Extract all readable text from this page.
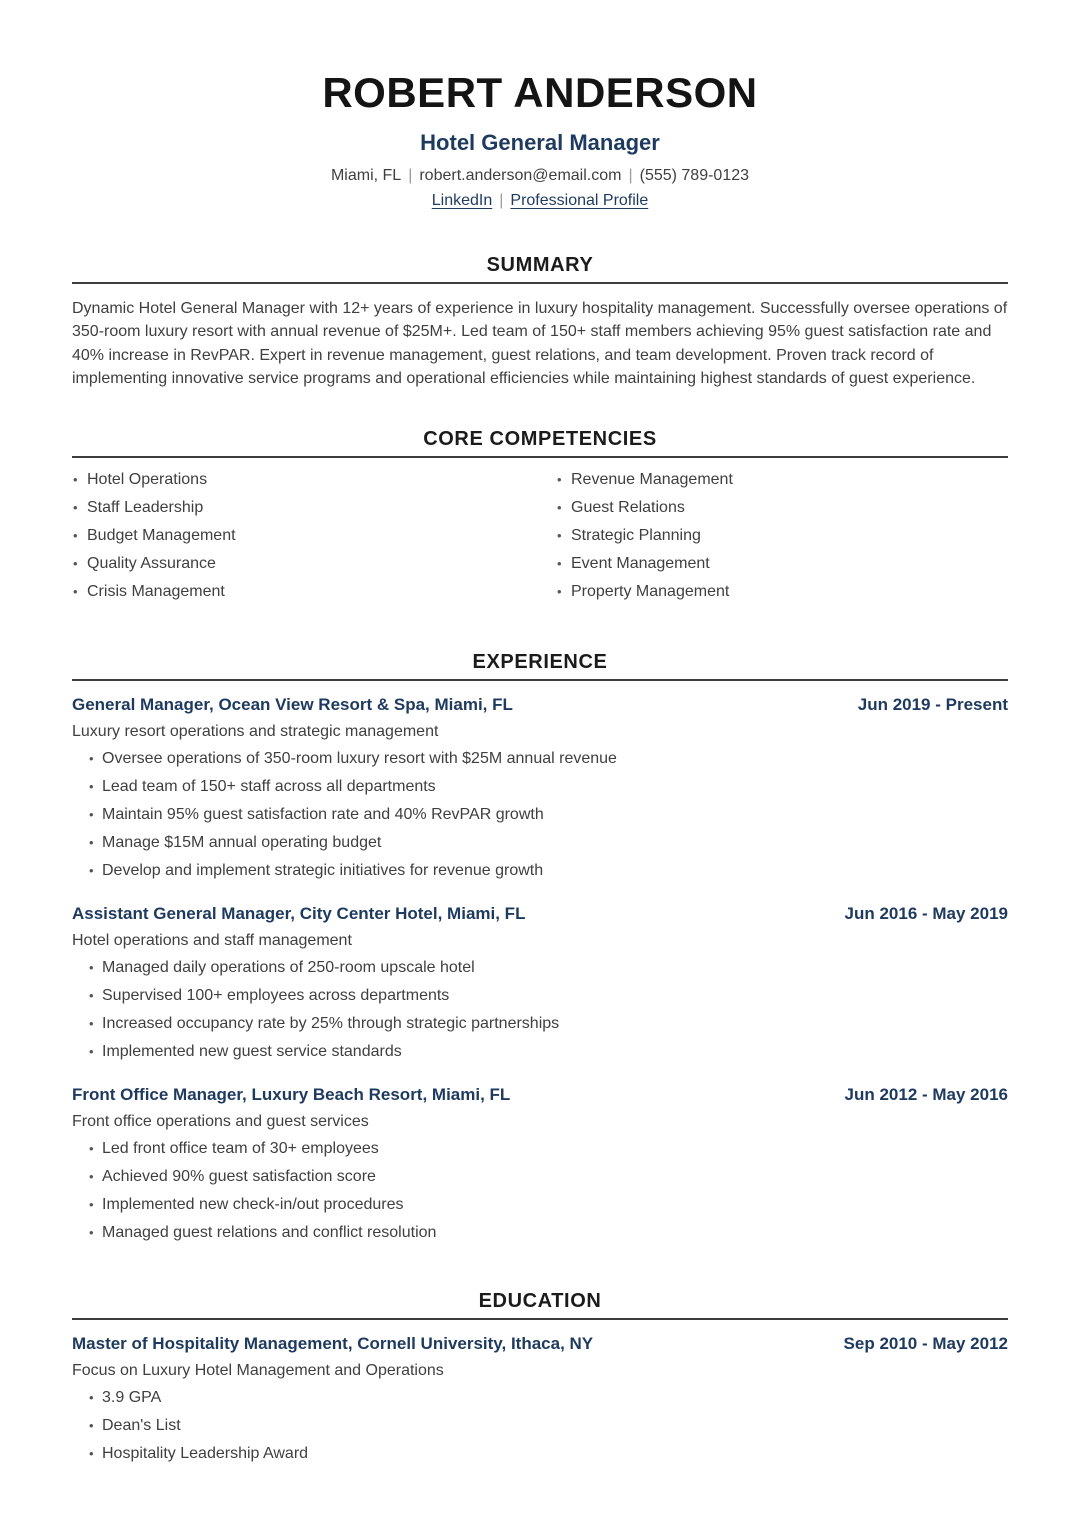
ROBERT ANDERSON
Hotel General Manager
Miami, FL | robert.anderson@email.com | (555) 789-0123
LinkedIn | Professional Profile
SUMMARY

Dynamic Hotel General Manager with 12+ years of experience in luxury hospitality management. Successfully oversee operations of 350-room luxury resort with annual revenue of $25M+. Led team of 150+ staff members achieving 95% guest satisfaction rate and 40% increase in RevPAR. Expert in revenue management, guest relations, and team development. Proven track record of implementing innovative service programs and operational efficiencies while maintaining highest standards of guest experience.

CORE COMPETENCIES
• Hotel Operations
• Staff Leadership
• Budget Management
• Quality Assurance
• Crisis Management
• Revenue Management
• Guest Relations
• Strategic Planning
• Event Management
• Property Management
EXPERIENCE
General Manager, Ocean View Resort & Spa, Miami, FL	Jun 2019 - Present

Luxury resort operations and strategic management

• Oversee operations of 350-room luxury resort with $25M annual revenue
• Lead team of 150+ staff across all departments
• Maintain 95% guest satisfaction rate and 40% RevPAR growth
• Manage $15M annual operating budget
• Develop and implement strategic initiatives for revenue growth
Assistant General Manager, City Center Hotel, Miami, FL	Jun 2016 - May 2019

Hotel operations and staff management

• Managed daily operations of 250-room upscale hotel
• Supervised 100+ employees across departments
• Increased occupancy rate by 25% through strategic partnerships
• Implemented new guest service standards
Front Office Manager, Luxury Beach Resort, Miami, FL	Jun 2012 - May 2016

Front office operations and guest services

• Led front office team of 30+ employees
• Achieved 90% guest satisfaction score
• Implemented new check-in/out procedures
• Managed guest relations and conflict resolution
EDUCATION
Master of Hospitality Management, Cornell University, Ithaca, NY	Sep 2010 - May 2012

Focus on Luxury Hotel Management and Operations

• 3.9 GPA
• Dean's List
• Hospitality Leadership Award
